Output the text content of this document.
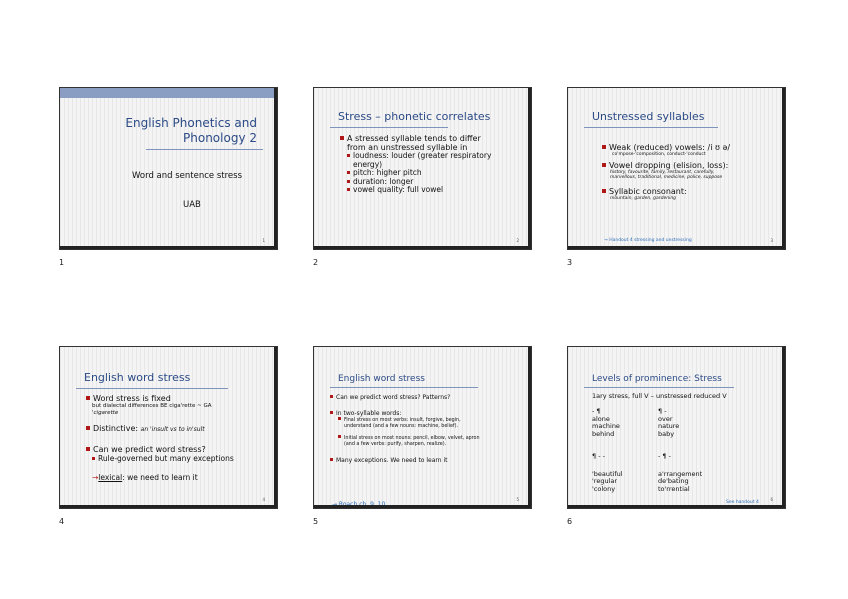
English Phonetics and
Phonology 2
Word and sentence stress
UAB
1
1
Stress – phonetic correlates
A stressed syllable tends to differ
from an unstressed syllable in
loudness: louder (greater respiratory
energy)
pitch: higher pitch
duration: longer
vowel quality: full vowel
2
2
Unstressed syllables
Weak (reduced) vowels: /i ʊ ə/
co'mpose-'composition, conduct-'conduct
Vowel dropping (elision, loss):
history, favourite, family, restaurant, carefully,
marvellous, traditional, medicine, police, suppose
Syllabic consonant:
mountain, garden, gardening
→ Handout 4 stressing and unstressing	3
3
English word stress
Word stress is fixed
but dialectal differences BE ciga'rette ~ GA
'cigarette
Distinctive: an 'insult vs to in'sult
Can we predict word stress?
Rule-governed but many exceptions
→lexical: we need to learn it
4
4
English word stress
Can we predict word stress? Patterns?
In two-syllable words:
Final stress on most verbs: insult, forgive, begin,
understand (and a few nouns: machine, belief).
Initial stress on most nouns: pencil, elbow, velvet, apron
(and a few verbs: purify, sharpen, realize).
Many exceptions. We need to learn it
5
5
Levels of prominence: Stress
1ary stress, full V – unstressed reduced V
- ¶
alone
machine
behind
¶ -
over
nature
baby
¶ - -
'beautiful
'regular
'colony
- ¶ -
a'rrangement
de'bating
to'rrential
See handout 4
6
6
